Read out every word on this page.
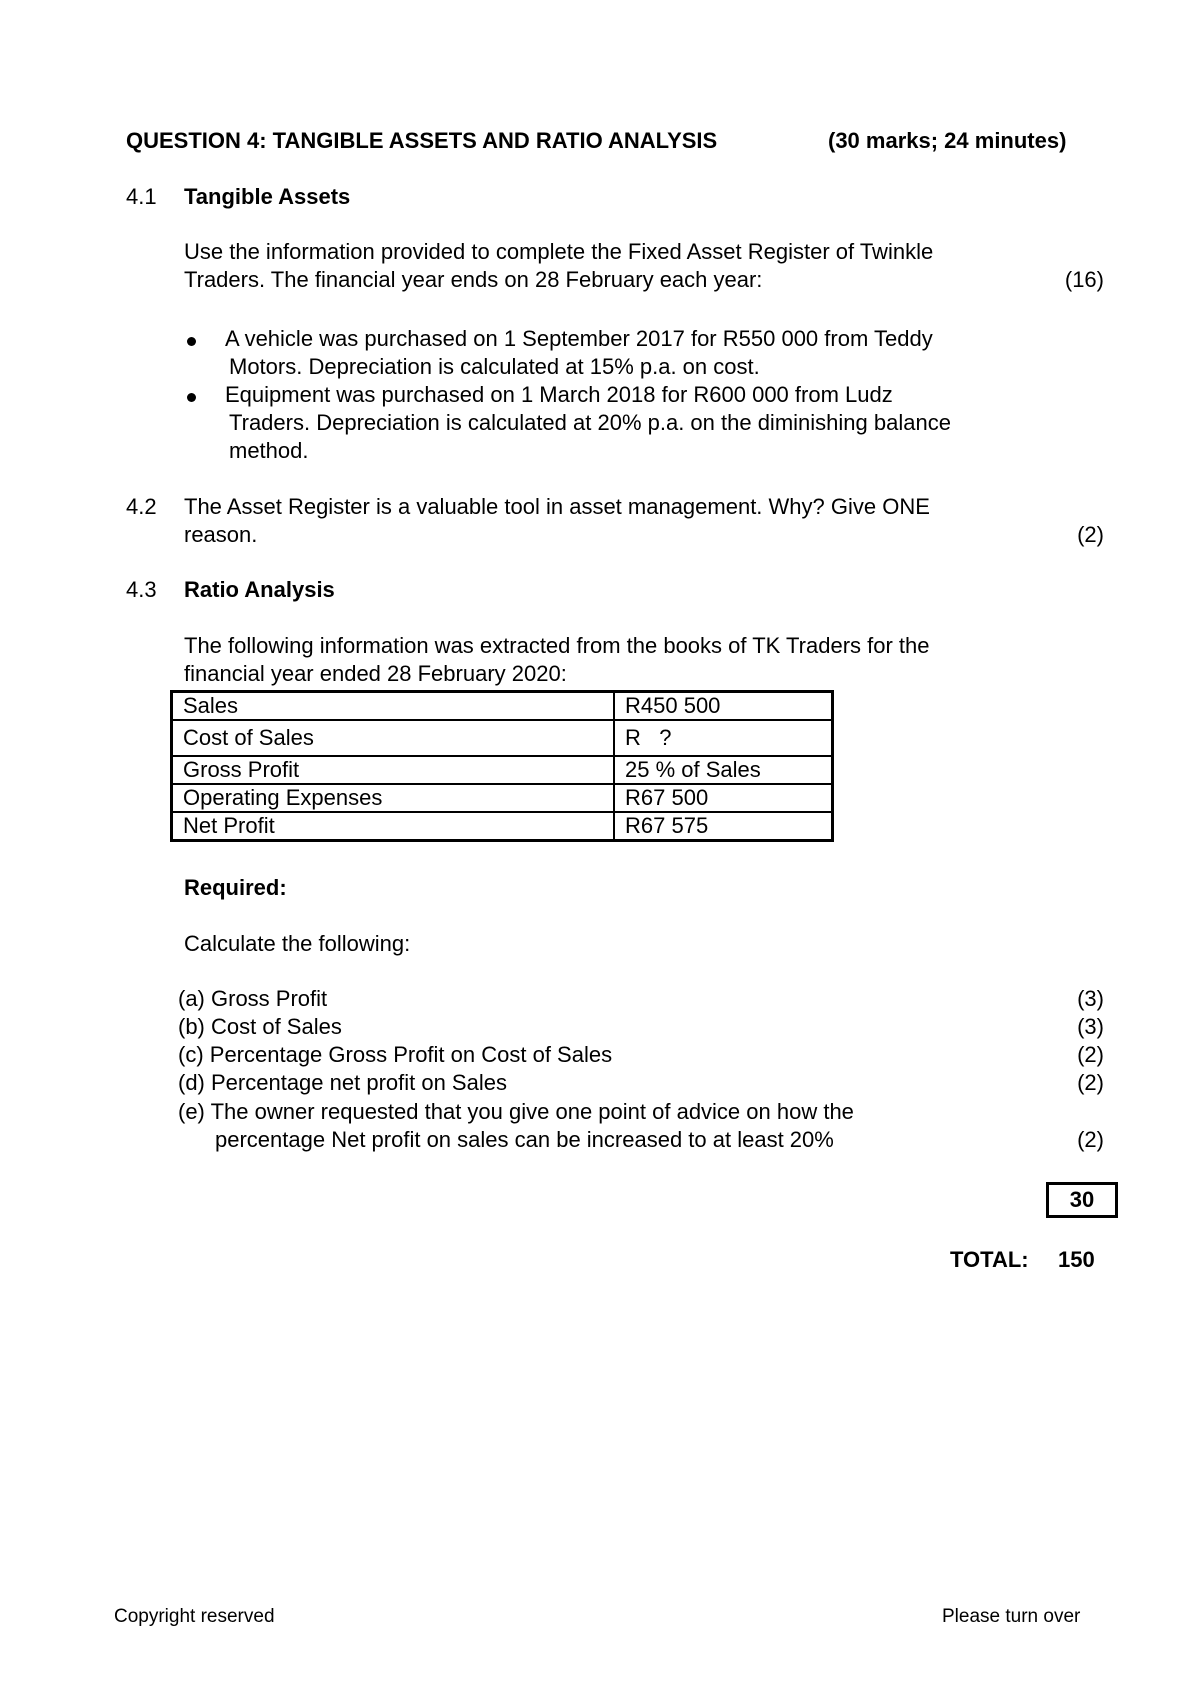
QUESTION 4: TANGIBLE ASSETS AND RATIO ANALYSIS	(30 marks; 24 minutes)
4.1 Tangible Assets
Use the information provided to complete the Fixed Asset Register of Twinkle
Traders. The financial year ends on 28 February each year:	(16)
A vehicle was purchased on 1 September 2017 for R550 000 from Teddy
Motors. Depreciation is calculated at 15% p.a. on cost.
Equipment was purchased on 1 March 2018 for R600 000 from Ludz
Traders. Depreciation is calculated at 20% p.a. on the diminishing balance
method.
4.2 The Asset Register is a valuable tool in asset management. Why? Give ONE
reason.	(2)
4.3 Ratio Analysis
The following information was extracted from the books of TK Traders for the
financial year ended 28 February 2020:
Sales	R450 500
Cost of Sales	R   ?
Gross Profit	25 % of Sales
Operating Expenses	R67 500
Net Profit	R67 575
Required:
Calculate the following:
(a) Gross Profit	(3)
(b) Cost of Sales	(3)
(c) Percentage Gross Profit on Cost of Sales	(2)
(d) Percentage net profit on Sales	(2)
(e) The owner requested that you give one point of advice on how the
percentage Net profit on sales can be increased to at least 20%	(2)
30
TOTAL: 150
Copyright reserved	Please turn over
